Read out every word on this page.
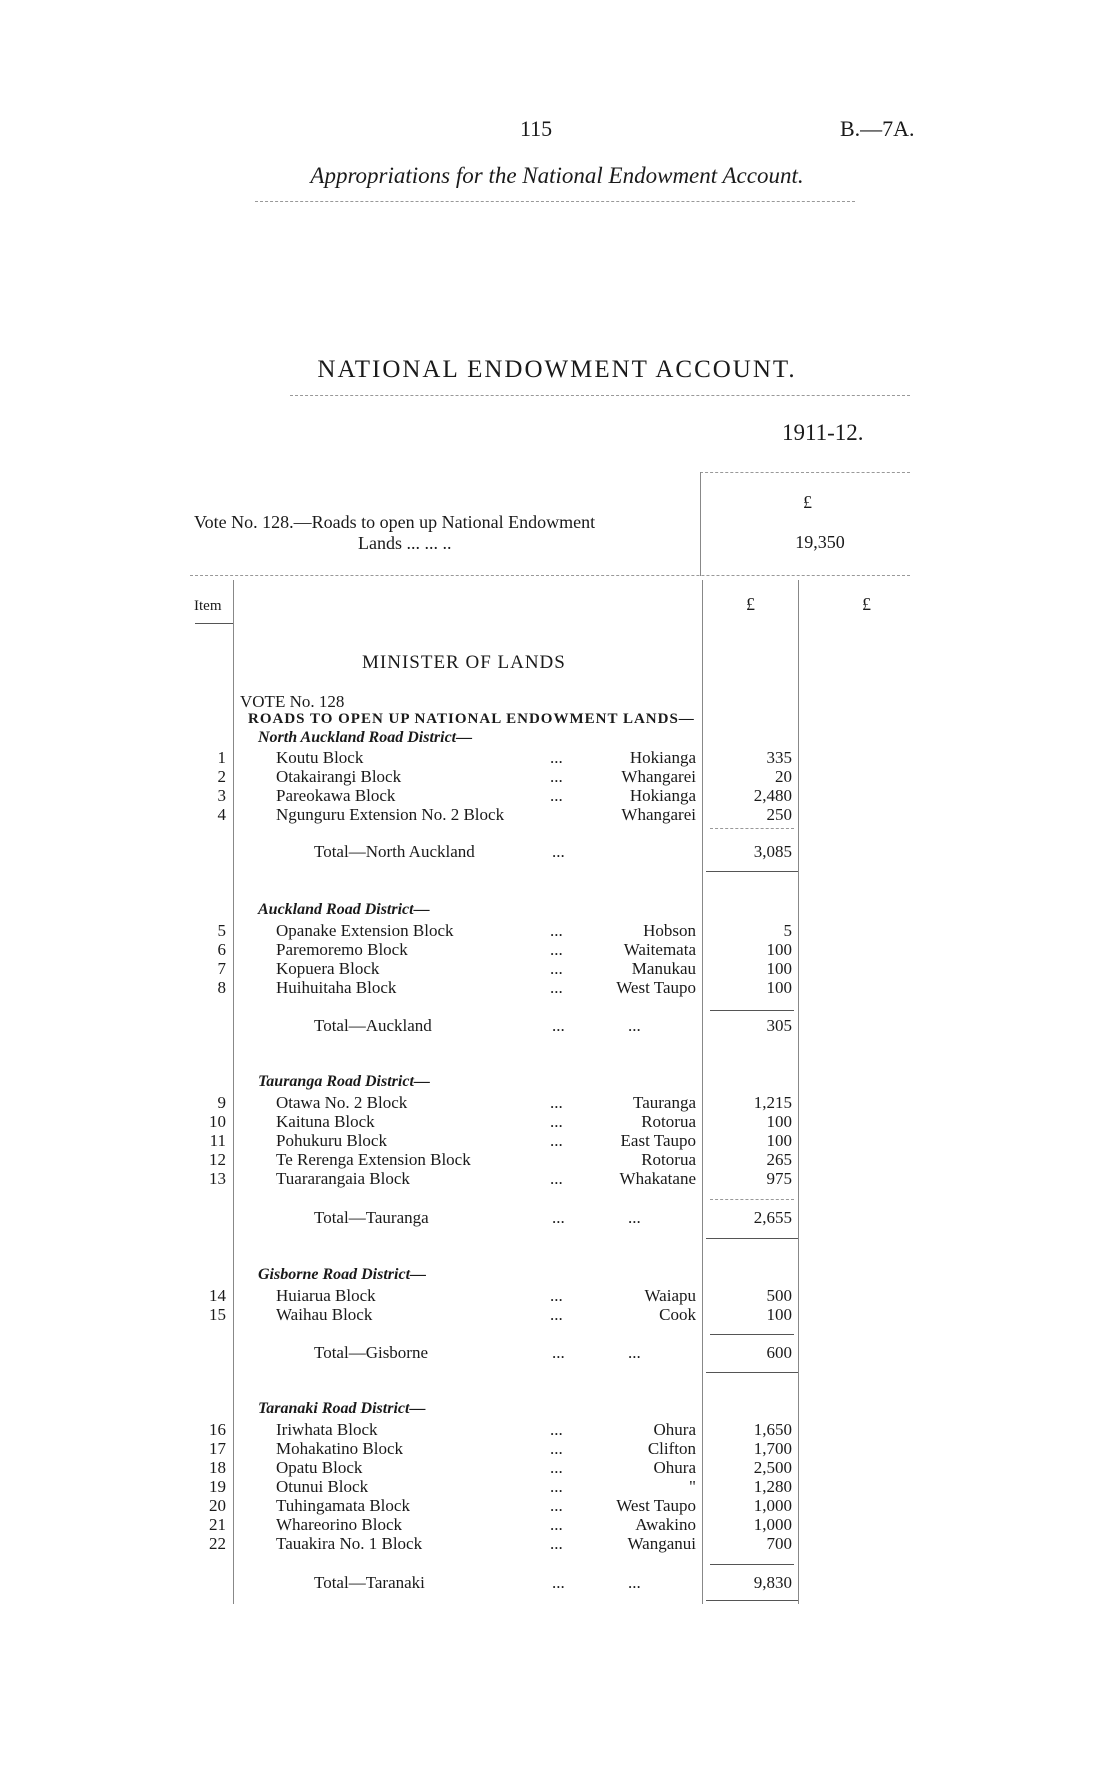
115	B.—7A.
Appropriations for the National Endowment Account.
NATIONAL ENDOWMENT ACCOUNT.
1911-12.
£
Vote No. 128.—Roads to open up National Endowment
Lands ... ... ..	19,350
Item	£	£
MINISTER OF LANDS
VOTE No. 128
ROADS TO OPEN UP NATIONAL ENDOWMENT LANDS—
North Auckland Road District—
1	Koutu Block	...	Hokianga	335
2	Otakairangi Block	...	Whangarei	20
3	Pareokawa Block	...	Hokianga	2,480
4	Ngunguru Extension No. 2 Block	Whangarei	250
Total—North Auckland	...	3,085
Auckland Road District—
5	Opanake Extension Block	...	Hobson	5
6	Paremoremo Block	...	Waitemata	100
7	Kopuera Block	...	Manukau	100
8	Huihuitaha Block	...	West Taupo	100
Total—Auckland	...	...	305
Tauranga Road District—
9	Otawa No. 2 Block	...	Tauranga	1,215
10	Kaituna Block	...	Rotorua	100
11	Pohukuru Block	...	East Taupo	100
12	Te Rerenga Extension Block	Rotorua	265
13	Tuararangaia Block	...	Whakatane	975
Total—Tauranga	...	...	2,655
Gisborne Road District—
14	Huiarua Block	...	Waiapu	500
15	Waihau Block	...	Cook	100
Total—Gisborne	...	...	600
Taranaki Road District—
16	Iriwhata Block	...	Ohura	1,650
17	Mohakatino Block	...	Clifton	1,700
18	Opatu Block	...	Ohura	2,500
19	Otunui Block	...	"	1,280
20	Tuhingamata Block	...	West Taupo	1,000
21	Whareorino Block	...	Awakino	1,000
22	Tauakira No. 1 Block	...	Wanganui	700
Total—Taranaki	...	...	9,830
